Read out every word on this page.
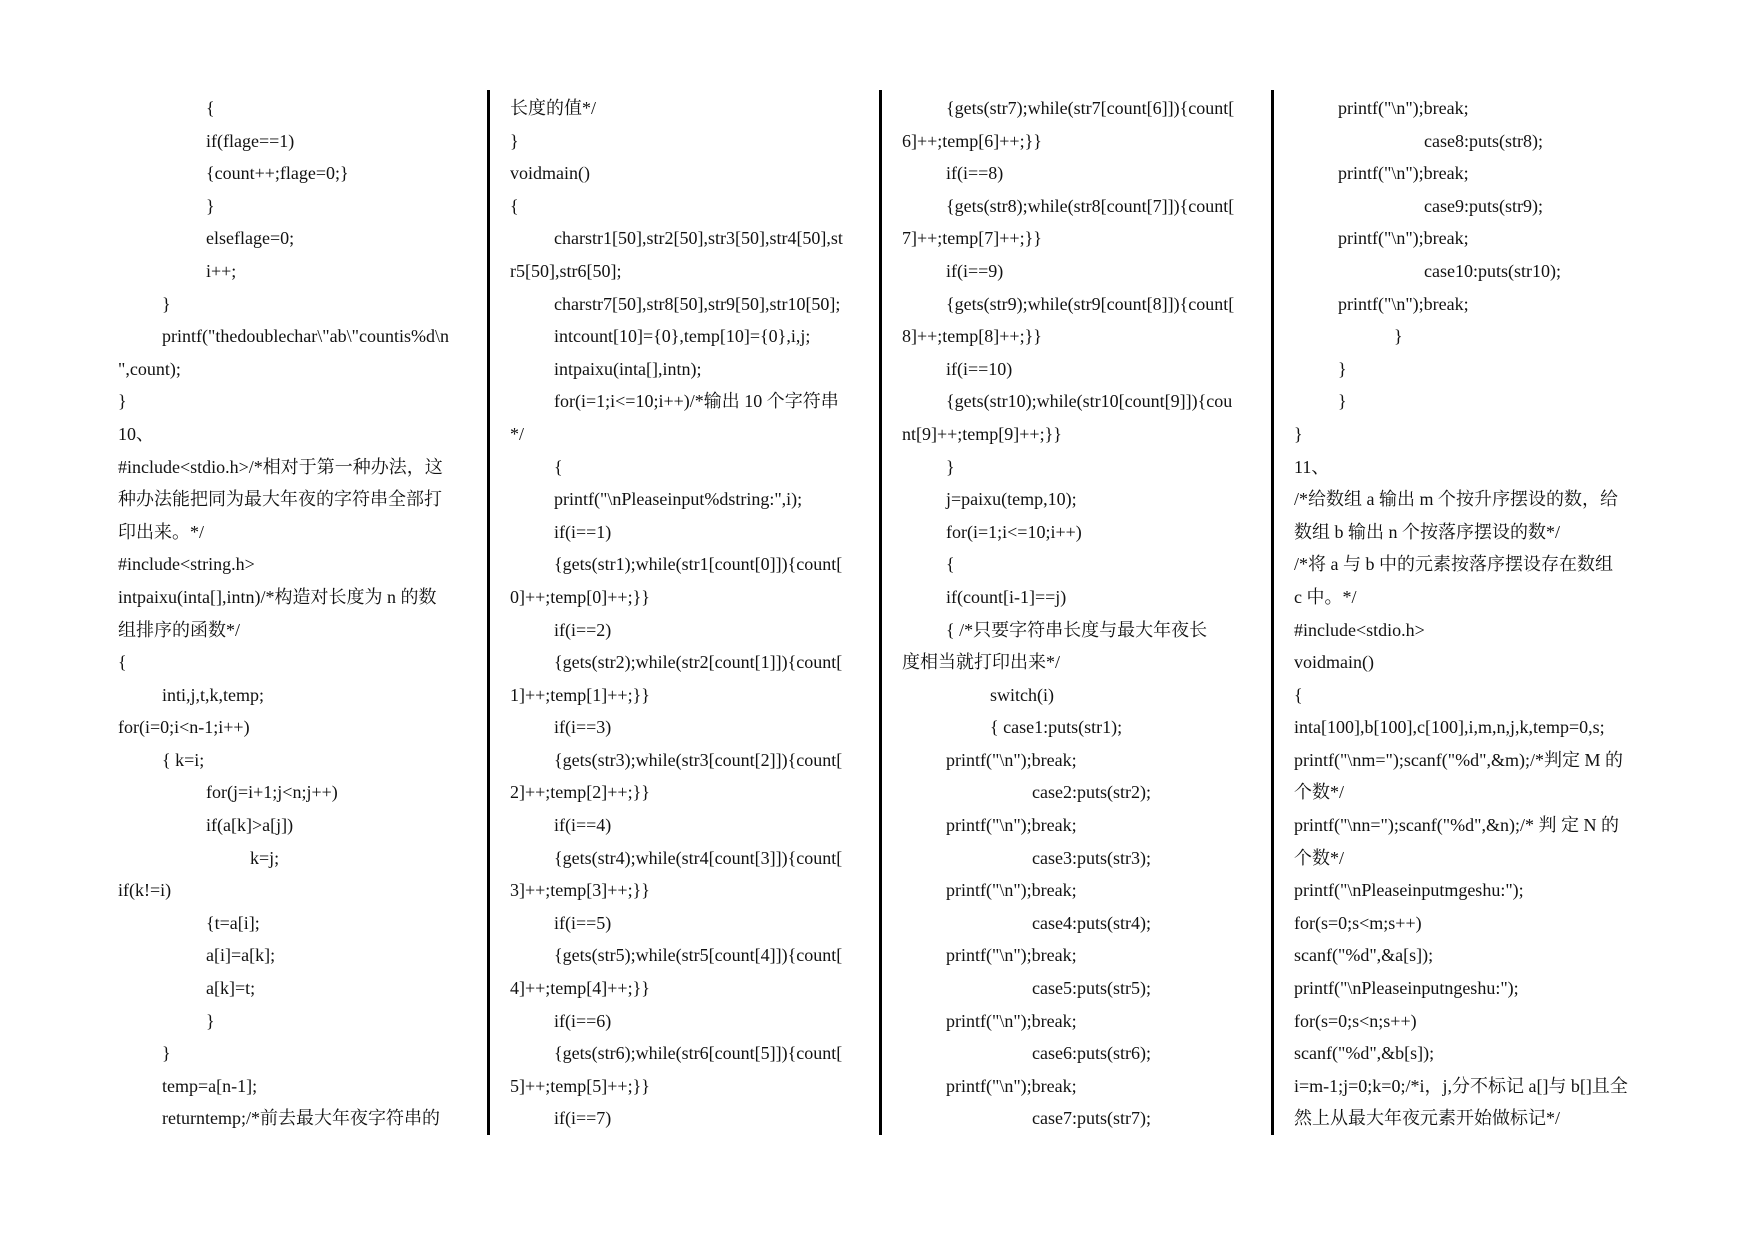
{
if(flage==1)
{count++;flage=0;}
}
elseflage=0;
i++;
}
printf("thedoublechar\"ab\"countis%d\n
",count);
}
10、
#include<stdio.h>/*相对于第一种办法，这
种办法能把同为最大年夜的字符串全部打
印出来。*/
#include<string.h>
intpaixu(inta[],intn)/*构造对长度为 n 的数
组排序的函数*/
{
inti,j,t,k,temp;
for(i=0;i<n-1;i++)
{ k=i;
for(j=i+1;j<n;j++)
if(a[k]>a[j])
k=j;
if(k!=i)
{t=a[i];
a[i]=a[k];
a[k]=t;
}
}
temp=a[n-1];
returntemp;/*前去最大年夜字符串的
长度的值*/
}
voidmain()
{
charstr1[50],str2[50],str3[50],str4[50],st
r5[50],str6[50];
charstr7[50],str8[50],str9[50],str10[50];
intcount[10]={0},temp[10]={0},i,j;
intpaixu(inta[],intn);
for(i=1;i<=10;i++)/*输出 10 个字符串
*/
{
printf("\nPleaseinput%dstring:",i);
if(i==1)
{gets(str1);while(str1[count[0]]){count[
0]++;temp[0]++;}}
if(i==2)
{gets(str2);while(str2[count[1]]){count[
1]++;temp[1]++;}}
if(i==3)
{gets(str3);while(str3[count[2]]){count[
2]++;temp[2]++;}}
if(i==4)
{gets(str4);while(str4[count[3]]){count[
3]++;temp[3]++;}}
if(i==5)
{gets(str5);while(str5[count[4]]){count[
4]++;temp[4]++;}}
if(i==6)
{gets(str6);while(str6[count[5]]){count[
5]++;temp[5]++;}}
if(i==7)
{gets(str7);while(str7[count[6]]){count[
6]++;temp[6]++;}}
if(i==8)
{gets(str8);while(str8[count[7]]){count[
7]++;temp[7]++;}}
if(i==9)
{gets(str9);while(str9[count[8]]){count[
8]++;temp[8]++;}}
if(i==10)
{gets(str10);while(str10[count[9]]){cou
nt[9]++;temp[9]++;}}
}
j=paixu(temp,10);
for(i=1;i<=10;i++)
{
if(count[i-1]==j)
{ /*只要字符串长度与最大年夜长
度相当就打印出来*/
switch(i)
{ case1:puts(str1);
printf("\n");break;
case2:puts(str2);
printf("\n");break;
case3:puts(str3);
printf("\n");break;
case4:puts(str4);
printf("\n");break;
case5:puts(str5);
printf("\n");break;
case6:puts(str6);
printf("\n");break;
case7:puts(str7);
printf("\n");break;
case8:puts(str8);
printf("\n");break;
case9:puts(str9);
printf("\n");break;
case10:puts(str10);
printf("\n");break;
}
}
}
}
11、
/*给数组 a 输出 m 个按升序摆设的数，给
数组 b 输出 n 个按落序摆设的数*/
/*将 a 与 b 中的元素按落序摆设存在数组
c 中。*/
#include<stdio.h>
voidmain()
{
inta[100],b[100],c[100],i,m,n,j,k,temp=0,s;
printf("\nm=");scanf("%d",&m);/*判定 M 的
个数*/
printf("\nn=");scanf("%d",&n);/* 判 定 N 的
个数*/
printf("\nPleaseinputmgeshu:");
for(s=0;s<m;s++)
scanf("%d",&a[s]);
printf("\nPleaseinputngeshu:");
for(s=0;s<n;s++)
scanf("%d",&b[s]);
i=m-1;j=0;k=0;/*i，j,分不标记 a[]与 b[]且全
然上从最大年夜元素开始做标记*/
